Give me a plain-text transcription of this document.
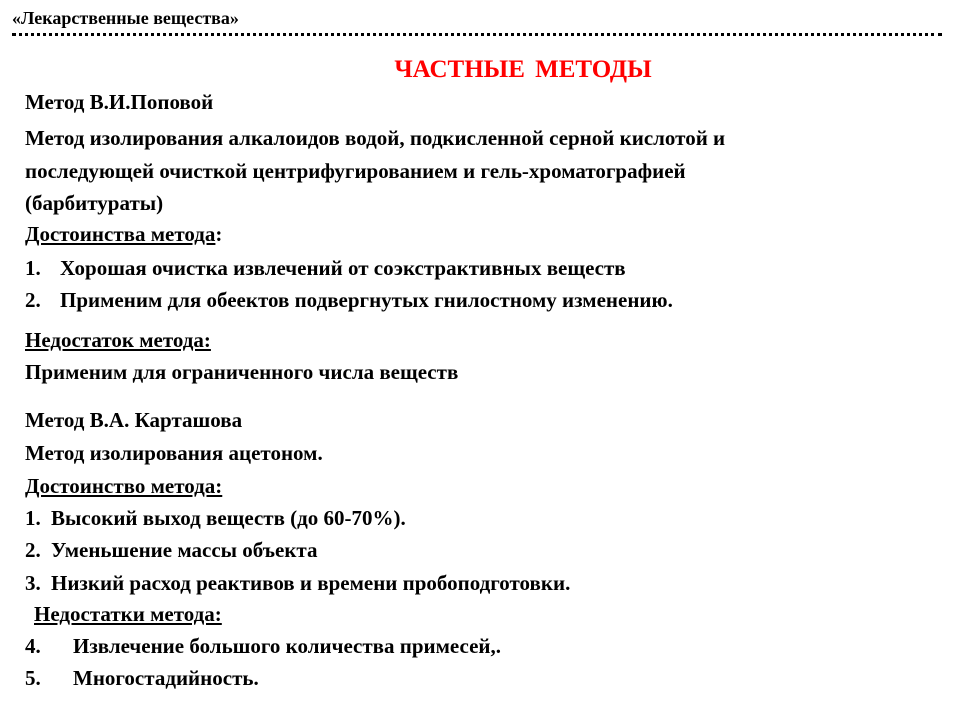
«Лекарственные вещества»
ЧАСТНЫЕ МЕТОДЫ
Метод В.И.Поповой
Метод изолирования алкалоидов водой, подкисленной серной кислотой и
последующей очисткой центрифугированием и гель-хроматографией
(барбитураты)
Достоинства метода:
1. Хорошая очистка извлечений от соэкстрактивных веществ
2. Применим для обеектов подвергнутых гнилостному изменению.
Недостаток метода:
Применим для ограниченного числа веществ
Метод В.А. Карташова
Метод изолирования ацетоном.
Достоинство метода:
1. Высокий выход веществ (до 60-70%).
2. Уменьшение массы объекта
3. Низкий расход реактивов и времени пробоподготовки.
Недостатки метода:
4. Извлечение большого количества примесей,.
5. Многостадийность.
